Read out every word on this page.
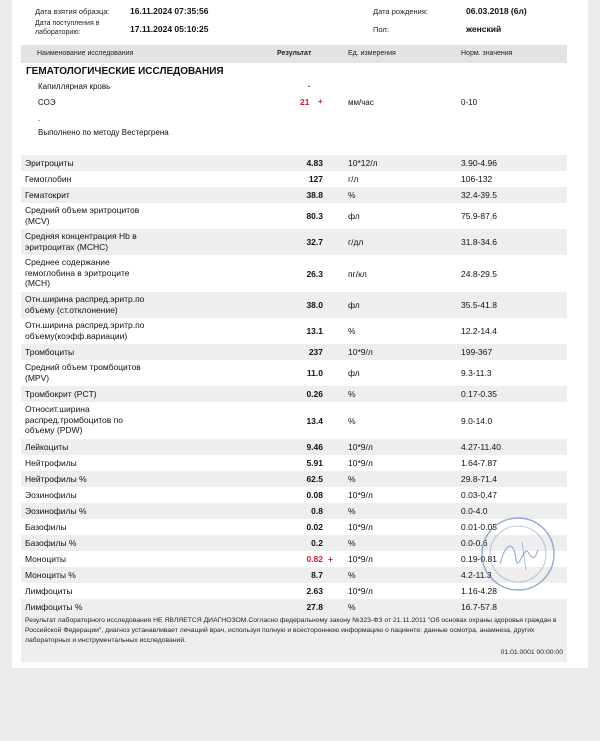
Дата взятия образца: 16.11.2024 07:35:56
Дата поступления в
лабораторию:	17.11.2024 05:10:25
Дата рождения:	06.03.2018 (6л)
Пол:	женский
Наименование исследования	Результат	Ед. измерения	Норм. значения
ГЕМАТОЛОГИЧЕСКИЕ ИССЛЕДОВАНИЯ
Капиллярная кровь	.
СОЭ	21 +	мм/час	0-10
.
Выполнено по методу Вестергрена
Эритроциты	4.83	10*12/л	3.90-4.96
Гемоглобин	127	г/л	106-132
Гематокрит	38.8	%	32.4-39.5
Средний объем эритроцитов
(MCV)	80.3	фл	75.9-87.6
Средняя концентрация Hb в
эритроцитах (MCHC)	32.7	г/дл	31.8-34.6
Среднее содержание
гемоглобина в эритроците
(MCH)
26.3	пг/кл	24.8-29.5
Отн.ширина распред.эритр.по
объему (ст.отклонение)	38.0	фл	35.5-41.8
Отн.ширина распред.эритр.по
объему(коэфф.вариации)	13.1	%	12.2-14.4
Тромбоциты	237	10*9/л	199-367
Средний объем тромбоцитов
(MPV)	11.0	фл	9.3-11.3
Тромбокрит (PCT)	0.26	%	0.17-0.35
Относит.ширина
распред.тромбоцитов по
объему (PDW)
13.4	%	9.0-14.0
Лейкоциты	9.46	10*9/л	4.27-11.40
Нейтрофилы	5.91	10*9/л	1.64-7.87
Нейтрофилы %	62.5	%	29.8-71.4
Эозинофилы	0.08	10*9/л	0.03-0.47
Эозинофилы %	0.8	%	0.0-4.0
Базофилы	0.02	10*9/л	0.01-0.05
Базофилы %	0.2	%	0.0-0.6
Моноциты	0.82 + 10*9/л	0.19-0.81
Моноциты %	8.7	%	4.2-11.3
Лимфоциты	2.63	10*9/л	1.16-4.28
Лимфоциты %	27.8	%	16.7-57.8
Результат лабораторного исследования НЕ ЯВЛЯЕТСЯ ДИАГНОЗОМ.Согласно федеральному закону №323-ФЗ от 21.11.2011 "Об основах охраны здоровья граждан в Российской Федерации", диагноз устанавливает лечащий врач, используя полную и всестороннюю информацию о пациенте: данные осмотра, анамнеза, других лабораторных и инструментальных исследований.
01.01.0001 00:00:00
